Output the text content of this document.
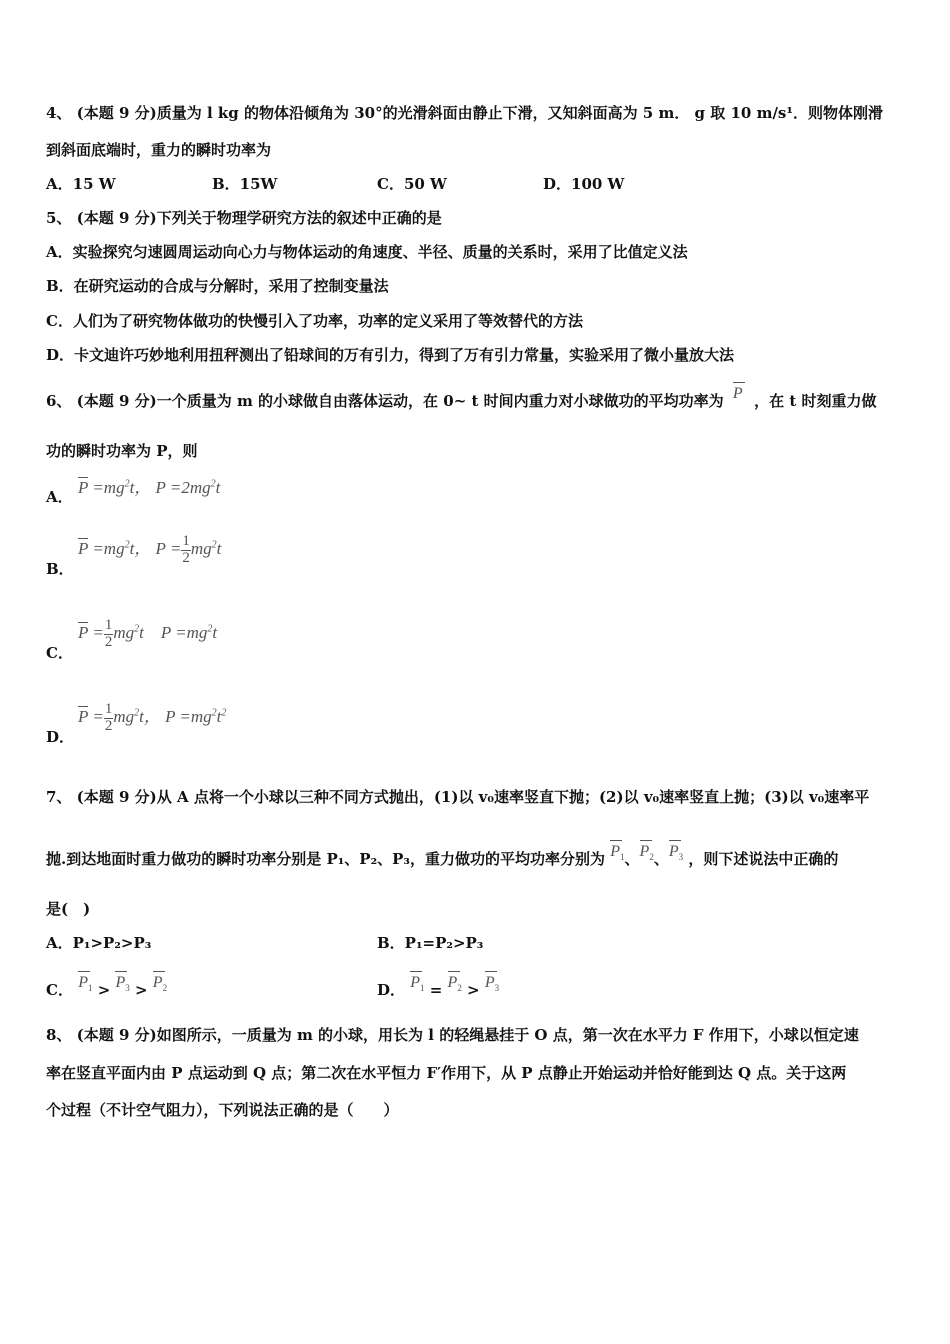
4、 (本题 9 分)质量为 l kg 的物体沿倾角为 30°的光滑斜面由静止下滑，又知斜面高为 5 m． g 取 10 m/s¹．则物体刚滑
到斜面底端时，重力的瞬时功率为
A．15 W	B．15W	C．50 W	D．100 W
5、 (本题 9 分)下列关于物理学研究方法的叙述中正确的是
A．实验探究匀速圆周运动向心力与物体运动的角速度、半径、质量的关系时，采用了比值定义法
B．在研究运动的合成与分解时，采用了控制变量法
C．人们为了研究物体做功的快慢引入了功率，功率的定义采用了等效替代的方法
D．卡文迪许巧妙地利用扭秤测出了铅球间的万有引力，得到了万有引力常量，实验采用了微小量放大法
6、 (本题 9 分)一个质量为 m 的小球做自由落体运动，在 0~ t 时间内重力对小球做功的平均功率为 P ，在 t 时刻重力做
功的瞬时功率为 P，则
A． $\overline{P} =mg^2t$， $P =2mg^2t$
B．
$\overline{P} =mg^2t$， $P = \frac{1}{2} mg^2t$
C．
$\overline{P} = \frac{1}{2} mg^2t$    $P =mg^2t$
D．
$\overline{P} = \frac{1}{2} mg^2t$， $P =mg^2t^2$
7、 (本题 9 分)从 A 点将一个小球以三种不同方式抛出，(1)以 v₀速率竖直下抛；(2)以 v₀速率竖直上抛；(3)以 v₀速率平
抛.到达地面时重力做功的瞬时功率分别是 P₁、P₂、P₃，重力做功的平均功率分别为 $P_1$、
$P_2$、
$P_3$ ，则下述说法中正确的
是(　)
A．P₁>P₂>P₃	B．P₁=P₂>P₃
C． $P_1$ >
$P_3$ >
$P_2$	D． $P_1$ =
$P_2$ >
$P_3$
8、 (本题 9 分)如图所示，一质量为 m 的小球，用长为 l 的轻绳悬挂于 O 点，第一次在水平力 F 作用下，小球以恒定速
率在竖直平面内由 P 点运动到 Q 点；第二次在水平恒力 F′作用下，从 P 点静止开始运动并恰好能到达 Q 点。关于这两
个过程（不计空气阻力），下列说法正确的是（　　）
